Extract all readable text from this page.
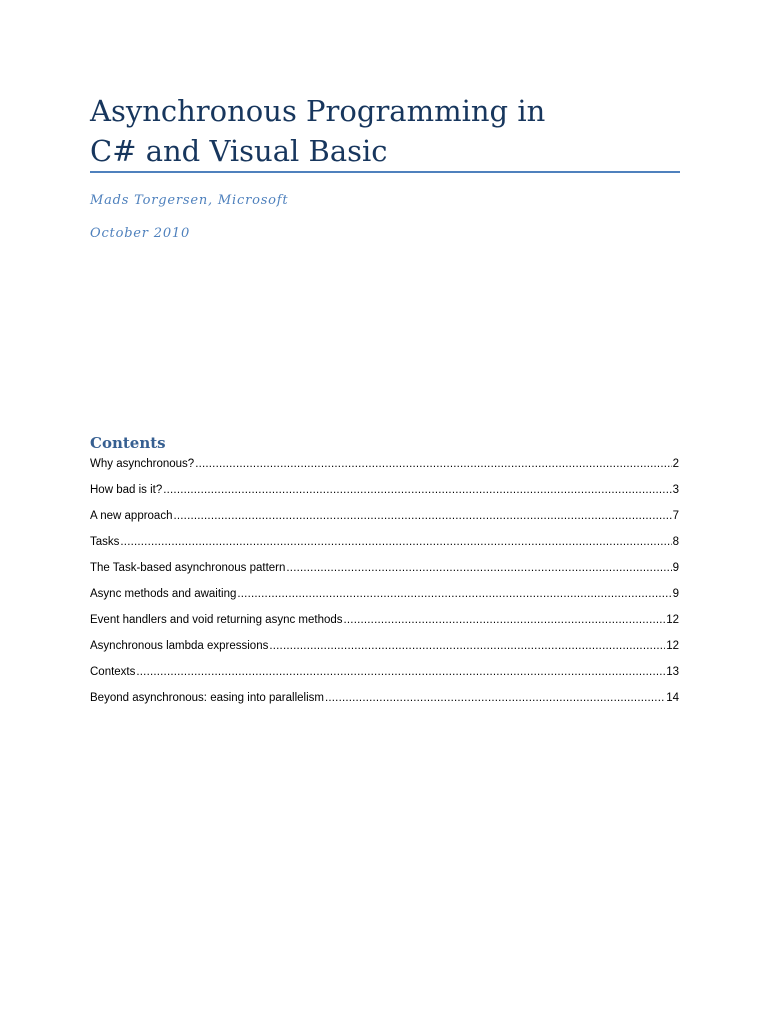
Asynchronous Programming in
C# and Visual Basic
Mads Torgersen, Microsoft
October 2010
Contents
Why asynchronous? .....	2
How bad is it? .....	3
A new approach .....	7
Tasks .....	8
The Task-based asynchronous pattern .....	9
Async methods and awaiting .....	9
Event handlers and void returning async methods .....	12
Asynchronous lambda expressions .....	12
Contexts .....	13
Beyond asynchronous: easing into parallelism .....	14
